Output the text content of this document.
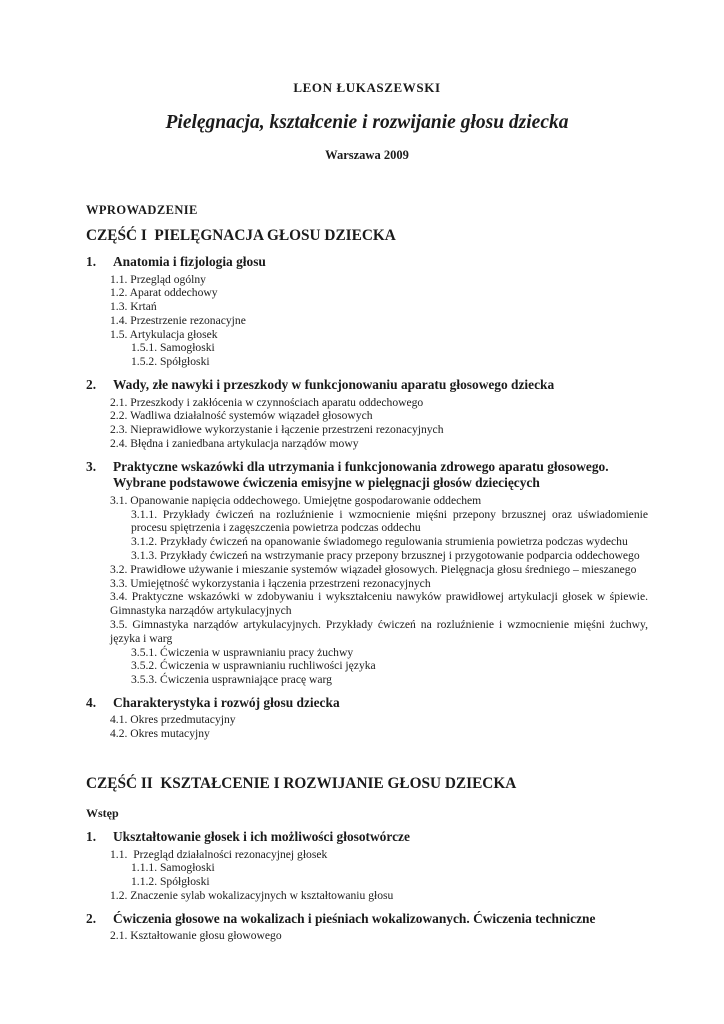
LEON ŁUKASZEWSKI
Pielęgnacja, kształcenie i rozwijanie głosu dziecka
Warszawa 2009
WPROWADZENIE
CZĘŚĆ I  PIELĘGNACJA GŁOSU DZIECKA
1.	Anatomia i fizjologia głosu
1.1. Przegląd ogólny
1.2. Aparat oddechowy
1.3. Krtań
1.4. Przestrzenie rezonacyjne
1.5. Artykulacja głosek
1.5.1. Samogłoski
1.5.2. Spółgłoski
2.	Wady, złe nawyki i przeszkody w funkcjonowaniu aparatu głosowego dziecka
2.1. Przeszkody i zakłócenia w czynnościach aparatu oddechowego
2.2. Wadliwa działalność systemów wiązadeł głosowych
2.3. Nieprawidłowe wykorzystanie i łączenie przestrzeni rezonacyjnych
2.4. Błędna i zaniedbana artykulacja narządów mowy
3.	Praktyczne wskazówki dla utrzymania i funkcjonowania zdrowego aparatu głosowego.
Wybrane podstawowe ćwiczenia emisyjne w pielęgnacji głosów dziecięcych
3.1. Opanowanie napięcia oddechowego. Umiejętne gospodarowanie oddechem
3.1.1. Przykłady ćwiczeń na rozluźnienie i wzmocnienie mięśni przepony brzusznej oraz uświadomienie procesu spiętrzenia i zagęszczenia powietrza podczas oddechu
3.1.2. Przykłady ćwiczeń na opanowanie świadomego regulowania strumienia powietrza podczas wydechu
3.1.3. Przykłady ćwiczeń na wstrzymanie pracy przepony brzusznej i przygotowanie podparcia oddechowego
3.2. Prawidłowe używanie i mieszanie systemów wiązadeł głosowych. Pielęgnacja głosu średniego – mieszanego
3.3. Umiejętność wykorzystania i łączenia przestrzeni rezonacyjnych
3.4. Praktyczne wskazówki w zdobywaniu i wykształceniu nawyków prawidłowej artykulacji głosek w śpiewie. Gimnastyka narządów artykulacyjnych
3.5. Gimnastyka narządów artykulacyjnych. Przykłady ćwiczeń na rozluźnienie i wzmocnienie mięśni żuchwy, języka i warg
3.5.1. Ćwiczenia w usprawnianiu pracy żuchwy
3.5.2. Ćwiczenia w usprawnianiu ruchliwości języka
3.5.3. Ćwiczenia usprawniające pracę warg
4.	Charakterystyka i rozwój głosu dziecka
4.1. Okres przedmutacyjny
4.2. Okres mutacyjny
CZĘŚĆ II  KSZTAŁCENIE I ROZWIJANIE GŁOSU DZIECKA
Wstęp
1.	Ukształtowanie głosek i ich możliwości głosotwórcze
1.1.  Przegląd działalności rezonacyjnej głosek
1.1.1. Samogłoski
1.1.2. Spółgłoski
1.2. Znaczenie sylab wokalizacyjnych w kształtowaniu głosu
2.	Ćwiczenia głosowe na wokalizach i pieśniach wokalizowanych. Ćwiczenia techniczne
2.1. Kształtowanie głosu głowowego
